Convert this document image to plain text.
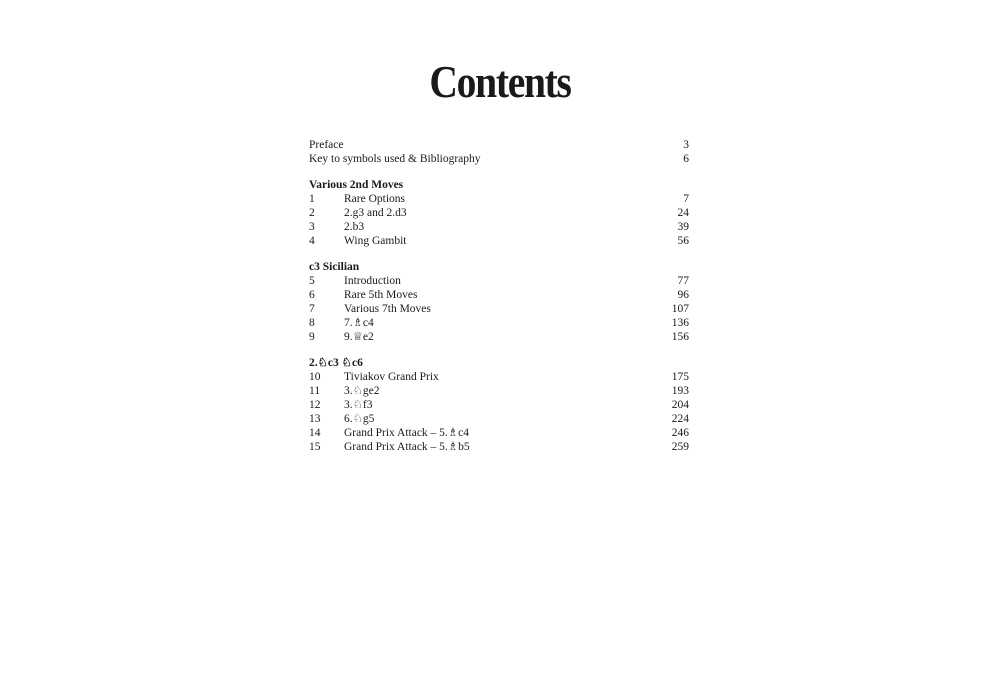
Contents
Preface	3
Key to symbols used & Bibliography	6
Various 2nd Moves
1	Rare Options	7
2	2.g3 and 2.d3	24
3	2.b3	39
4	Wing Gambit	56
c3 Sicilian
5	Introduction	77
6	Rare 5th Moves	96
7	Various 7th Moves	107
8	7.♗c4	136
9	9.♕e2	156
2.♘c3 ♘c6
10	Tiviakov Grand Prix	175
11	3.♘ge2	193
12	3.♘f3	204
13	6.♘g5	224
14	Grand Prix Attack – 5.♗c4	246
15	Grand Prix Attack – 5.♗b5	259
